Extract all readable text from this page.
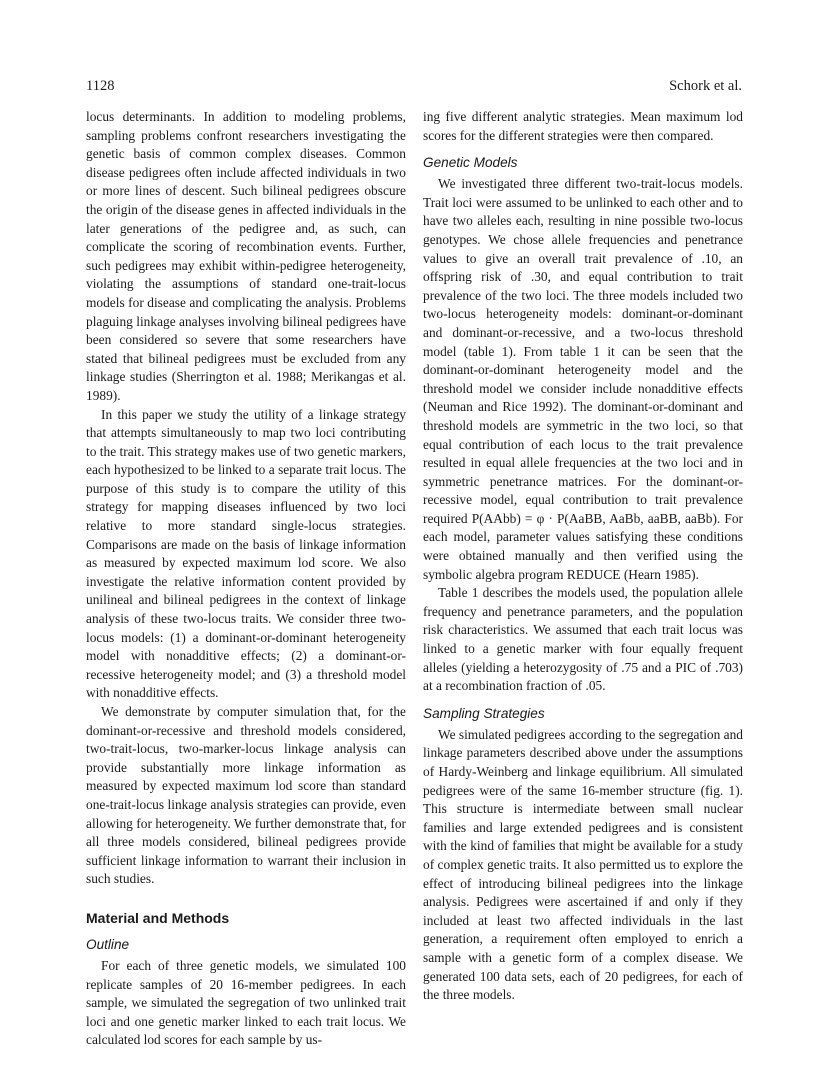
1128	Schork et al.

locus determinants. In addition to modeling problems, sampling problems confront researchers investigating the genetic basis of common complex diseases. Common disease pedigrees often include affected individuals in two or more lines of descent. Such bilineal pedigrees obscure the origin of the disease genes in affected individuals in the later generations of the pedigree and, as such, can complicate the scoring of recombination events. Further, such pedigrees may exhibit within-pedigree heterogeneity, violating the assumptions of standard one-trait-locus models for disease and complicating the analysis. Problems plaguing linkage analyses involving bilineal pedigrees have been considered so severe that some researchers have stated that bilineal pedigrees must be excluded from any linkage studies (Sherrington et al. 1988; Merikangas et al. 1989).

In this paper we study the utility of a linkage strategy that attempts simultaneously to map two loci contributing to the trait. This strategy makes use of two genetic markers, each hypothesized to be linked to a separate trait locus. The purpose of this study is to compare the utility of this strategy for mapping diseases influenced by two loci relative to more standard single-locus strategies. Comparisons are made on the basis of linkage information as measured by expected maximum lod score. We also investigate the relative information content provided by unilineal and bilineal pedigrees in the context of linkage analysis of these two-locus traits. We consider three two-locus models: (1) a dominant-or-dominant heterogeneity model with nonadditive effects; (2) a dominant-or-recessive heterogeneity model; and (3) a threshold model with nonadditive effects.

We demonstrate by computer simulation that, for the dominant-or-recessive and threshold models considered, two-trait-locus, two-marker-locus linkage analysis can provide substantially more linkage information as measured by expected maximum lod score than standard one-trait-locus linkage analysis strategies can provide, even allowing for heterogeneity. We further demonstrate that, for all three models considered, bilineal pedigrees provide sufficient linkage information to warrant their inclusion in such studies.

Material and Methods
Outline

For each of three genetic models, we simulated 100 replicate samples of 20 16-member pedigrees. In each sample, we simulated the segregation of two unlinked trait loci and one genetic marker linked to each trait locus. We calculated lod scores for each sample by us-

ing five different analytic strategies. Mean maximum lod scores for the different strategies were then compared.

Genetic Models

We investigated three different two-trait-locus models. Trait loci were assumed to be unlinked to each other and to have two alleles each, resulting in nine possible two-locus genotypes. We chose allele frequencies and penetrance values to give an overall trait prevalence of .10, an offspring risk of .30, and equal contribution to trait prevalence of the two loci. The three models included two two-locus heterogeneity models: dominant-or-dominant and dominant-or-recessive, and a two-locus threshold model (table 1). From table 1 it can be seen that the dominant-or-dominant heterogeneity model and the threshold model we consider include nonadditive effects (Neuman and Rice 1992). The dominant-or-dominant and threshold models are symmetric in the two loci, so that equal contribution of each locus to the trait prevalence resulted in equal allele frequencies at the two loci and in symmetric penetrance matrices. For the dominant-or-recessive model, equal contribution to trait prevalence required P(AAbb) = φ · P(AaBB, AaBb, aaBB, aaBb). For each model, parameter values satisfying these conditions were obtained manually and then verified using the symbolic algebra program REDUCE (Hearn 1985).

Table 1 describes the models used, the population allele frequency and penetrance parameters, and the population risk characteristics. We assumed that each trait locus was linked to a genetic marker with four equally frequent alleles (yielding a heterozygosity of .75 and a PIC of .703) at a recombination fraction of .05.

Sampling Strategies

We simulated pedigrees according to the segregation and linkage parameters described above under the assumptions of Hardy-Weinberg and linkage equilibrium. All simulated pedigrees were of the same 16-member structure (fig. 1). This structure is intermediate between small nuclear families and large extended pedigrees and is consistent with the kind of families that might be available for a study of complex genetic traits. It also permitted us to explore the effect of introducing bilineal pedigrees into the linkage analysis. Pedigrees were ascertained if and only if they included at least two affected individuals in the last generation, a requirement often employed to enrich a sample with a genetic form of a complex disease. We generated 100 data sets, each of 20 pedigrees, for each of the three models.
